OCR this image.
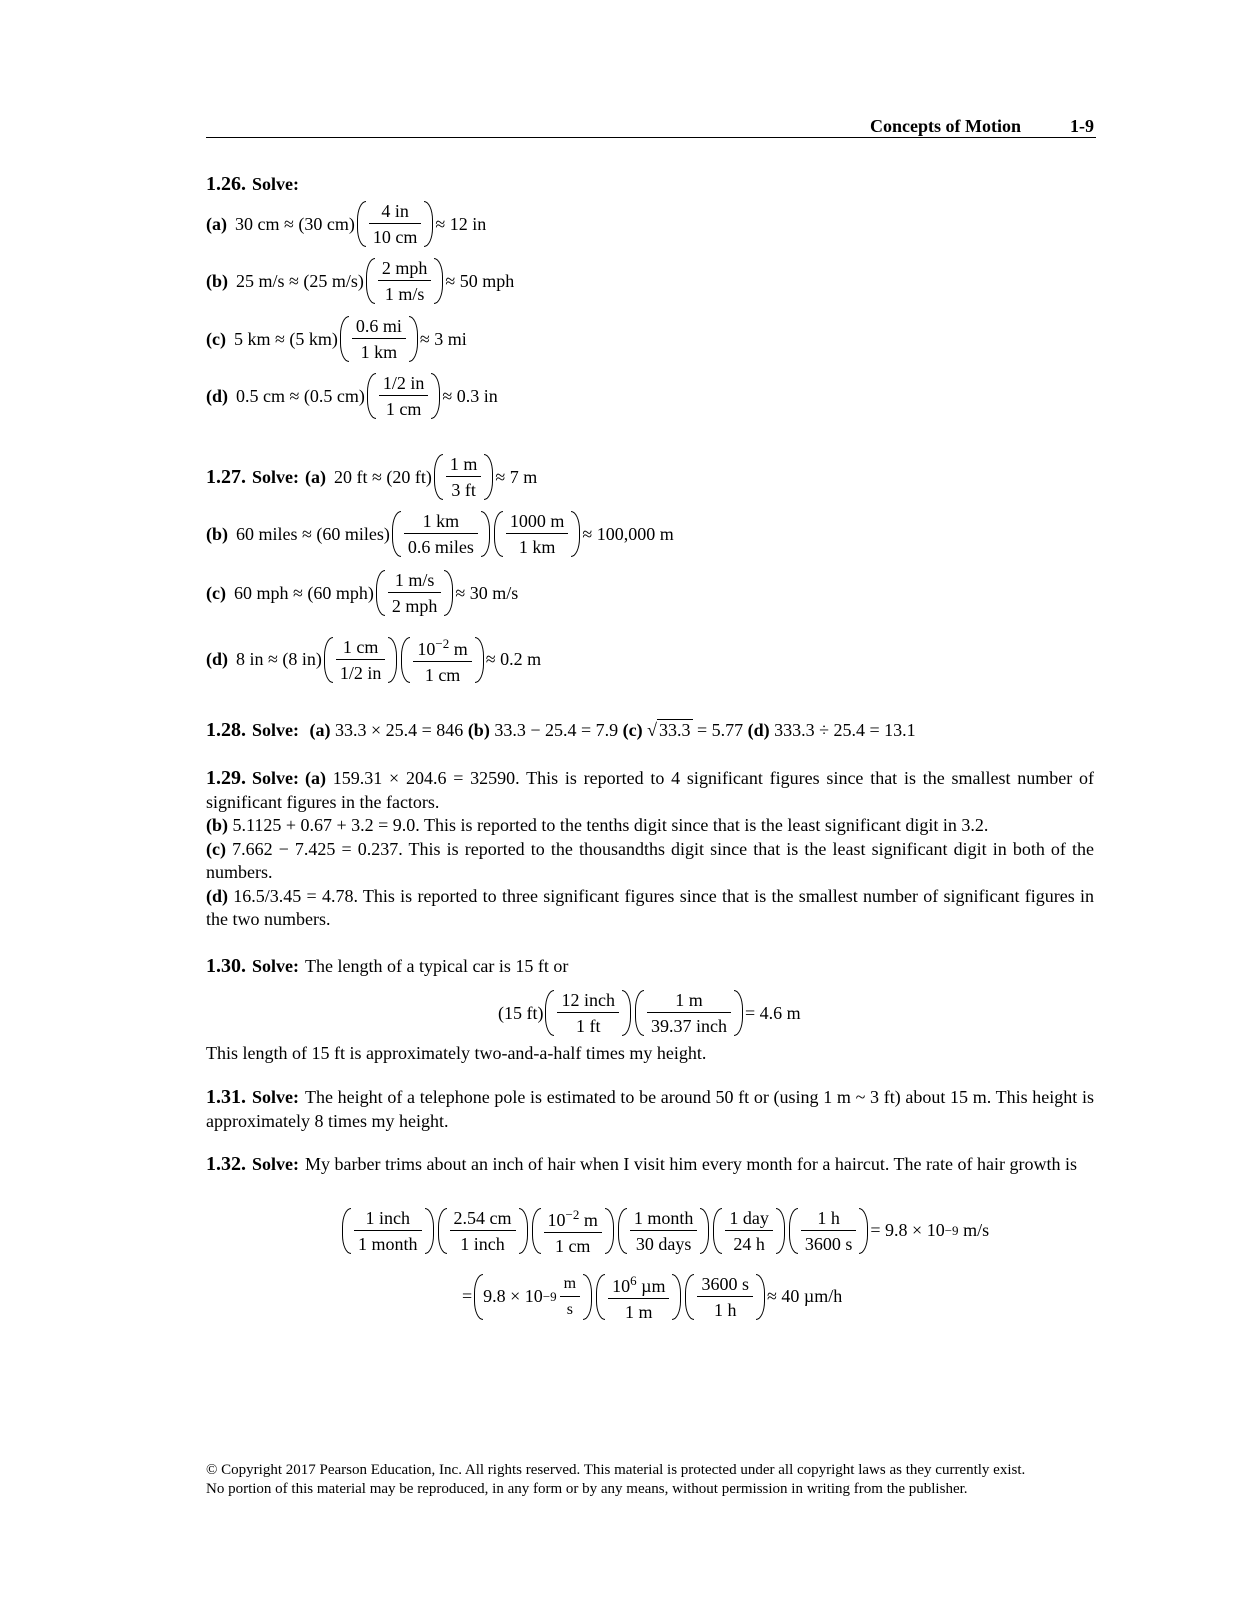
Concepts of Motion	1-9
1.26. Solve:
(a) 30 cm ≈ (30 $cm) \frac{4 in}{10 cm} \approx 12$ in
(b) 25 m/s ≈ (25 $m/s) \frac{\text{2 mph}}{1 m/s} \approx 50$ mph
(c) 5 km ≈ (5 $km) \frac{0.6 mi}{1 km} \approx 3$ mi
(d) 0.5 cm ≈ (0.5 $cm) \frac{1/2 in}{1 cm} \approx 0.3$ in
1.27. Solve: (a) 20 ft ≈ (20 $ft) \frac{1 m}{3 ft} \approx 7$ m
(b) 60 miles ≈ (60 miles) $\frac{1 km}{\text{0.6 miles}} \frac{1000 m}{1 km} \approx 100,000$ m
(c) 60 mph ≈ (60 $mph) \frac{1 m/s}{\text{2 mph}} \approx 30$ m/s
(d) 8 in ≈ (8 $in) \frac{1 cm}{1/2 in} \frac{10^{-2} m}{1 cm} \approx 0.2$ m
1.28. Solve: (a) 33.3 × 25.4 = 846 (b) 33.3 − 25.4 = 7.9 (c) √ 33.3 = 5.77 (d) 333.3 ÷ 25.4 = 13.1
1.29. Solve: (a) 159.31 × 204.6 = 32590. This is reported to 4 significant figures since that is the smallest number of significant figures in the factors.
(b) 5.1125 + 0.67 + 3.2 = 9.0. This is reported to the tenths digit since that is the least significant digit in 3.2.
(c) 7.662 − 7.425 = 0.237. This is reported to the thousandths digit since that is the least significant digit in both of the numbers.
(d) 16.5/3.45 = 4.78. This is reported to three significant figures since that is the smallest number of significant figures in the two numbers.
1.30. Solve: The length of a typical car is 15 ft or
(15 $ft) \frac{\text{12 inch}}{1 ft} \frac{1 m}{\text{39.37 inch}} = 4.6$ m
This length of 15 ft is approximately two-and-a-half times my height.
1.31. Solve: The height of a telephone pole is estimated to be around 50 ft or (using 1 m ~ 3 ft) about 15 m. This height is approximately 8 times my height.
1.32. Solve: My barber trims about an inch of hair when I visit him every month for a haircut. The rate of hair growth is
$\frac{\text{1 inch}}{\text{1 month}} \frac{2.54 cm}{\text{1 inch}} \frac{10^{-2} m}{1 cm} \frac{\text{1 month}}{\text{30 days}} \frac{\text{1 day}}{24 h} \frac{1 h}{3600 s} = 9.8 \times 10 -9$ m/s
= $9.8 \times 10 -9 \frac{m}{s} \frac{10^6 \mu m}{1 m} \frac{3600 s}{1 h} \approx 40$ µm/h
© Copyright 2017 Pearson Education, Inc. All rights reserved. This material is protected under all copyright laws as they currently exist.
No portion of this material may be reproduced, in any form or by any means, without permission in writing from the publisher.
